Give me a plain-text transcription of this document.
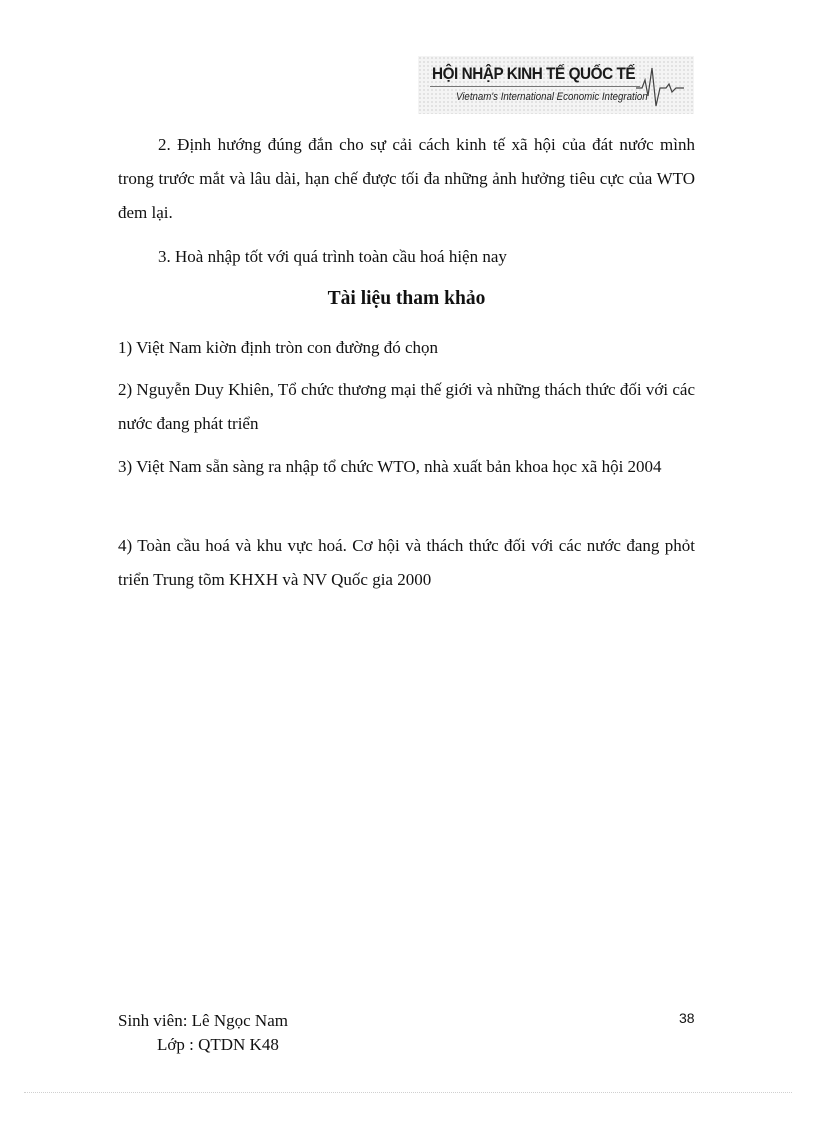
HỘI NHẬP KINH TẾ QUỐC TẾ
Vietnam's International Economic Integration

2. Định hướng đúng đắn cho sự cải cách kinh tế xã hội của đát nước mình trong trước mắt và lâu dài, hạn chế được tối đa những ảnh hưởng tiêu cực của WTO đem lại.

3. Hoà nhập tốt với quá trình toàn cầu hoá hiện nay

Tài liệu tham khảo

1) Việt Nam kiờn định tròn con đường đó chọn

2) Nguyễn Duy Khiên, Tổ chức thương mại thế giới và những thách thức đối với các nước đang phát triển

3) Việt Nam sẵn sàng ra nhập tổ chức WTO, nhà xuất bản khoa học xã hội 2004

4) Toàn cầu hoá và khu vực hoá. Cơ hội và thách thức đối với các nước đang phỏt triển Trung tõm KHXH và NV Quốc gia 2000

Sinh viên: Lê Ngọc Nam

Lớp : QTDN K48

38
